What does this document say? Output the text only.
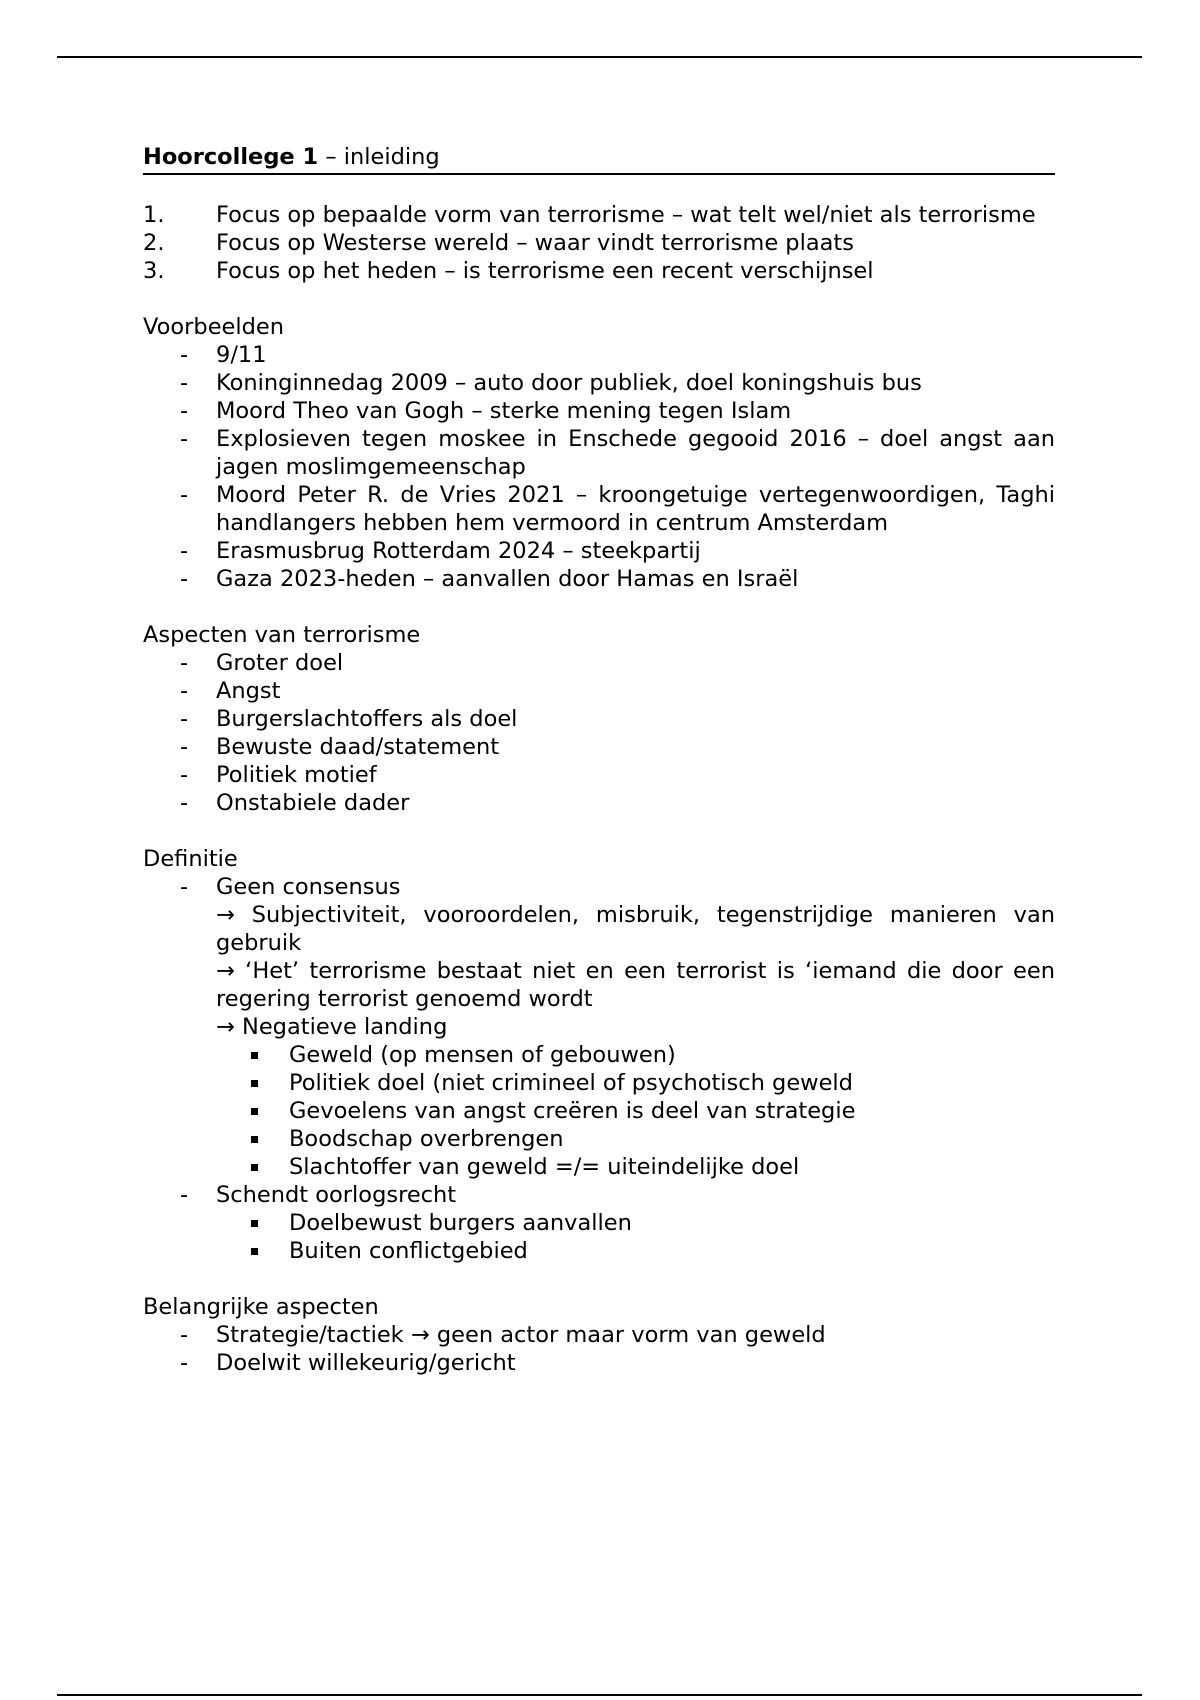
Hoorcollege 1 – inleiding
1.	Focus op bepaalde vorm van terrorisme – wat telt wel/niet als terrorisme
2.	Focus op Westerse wereld – waar vindt terrorisme plaats
3.	Focus op het heden – is terrorisme een recent verschijnsel
Voorbeelden
-	9/11
-	Koninginnedag 2009 – auto door publiek, doel koningshuis bus
-	Moord Theo van Gogh – sterke mening tegen Islam
-	Explosieven tegen moskee in Enschede gegooid 2016 – doel angst aan jagen moslimgemeenschap
-	Moord Peter R. de Vries 2021 – kroongetuige vertegenwoordigen, Taghi handlangers hebben hem vermoord in centrum Amsterdam
-	Erasmusbrug Rotterdam 2024 – steekpartij
-	Gaza 2023-heden – aanvallen door Hamas en Israël
Aspecten van terrorisme
-	Groter doel
-	Angst
-	Burgerslachtoffers als doel
-	Bewuste daad/statement
-	Politiek motief
-	Onstabiele dader
Definitie
-	Geen consensus
→ Subjectiviteit, vooroordelen, misbruik, tegenstrijdige manieren van gebruik
→ ‘Het’ terrorisme bestaat niet en een terrorist is ‘iemand die door een regering terrorist genoemd wordt
→ Negatieve landing
Geweld (op mensen of gebouwen)
Politiek doel (niet crimineel of psychotisch geweld
Gevoelens van angst creëren is deel van strategie
Boodschap overbrengen
Slachtoffer van geweld =/= uiteindelijke doel
-	Schendt oorlogsrecht
Doelbewust burgers aanvallen
Buiten conflictgebied
Belangrijke aspecten
-	Strategie/tactiek → geen actor maar vorm van geweld
-	Doelwit willekeurig/gericht
